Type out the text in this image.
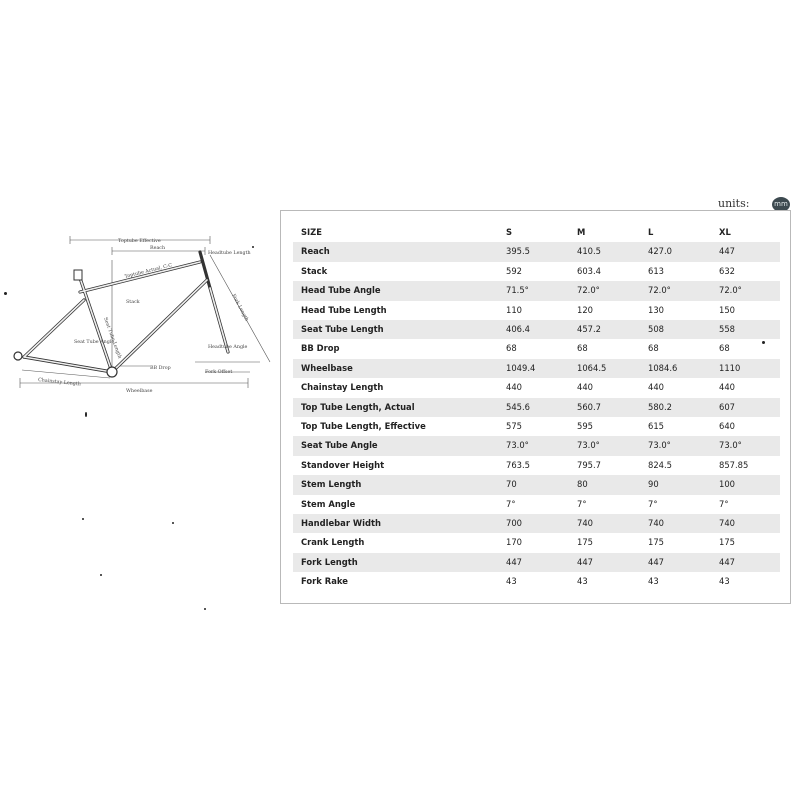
units:	mm
Toptube Effective
Reach
Headtube Length
Toptube Actual, C-C
Stack	Fork Length
Seat Tube Length
Seat Tube Angle
Headtube Angle
BB Drop
Fork Offset
Chainstay Length
Wheelbase
SIZE	S	M	L	XL
Reach	395.5	410.5	427.0	447
Stack	592	603.4	613	632
Head Tube Angle	71.5°	72.0°	72.0°	72.0°
Head Tube Length	110	120	130	150
Seat Tube Length	406.4	457.2	508	558
BB Drop	68	68	68	68
Wheelbase	1049.4	1064.5	1084.6	1110
Chainstay Length	440	440	440	440
Top Tube Length, Actual	545.6	560.7	580.2	607
Top Tube Length, Effective	575	595	615	640
Seat Tube Angle	73.0°	73.0°	73.0°	73.0°
Standover Height	763.5	795.7	824.5	857.85
Stem Length	70	80	90	100
Stem Angle	7°	7°	7°	7°
Handlebar Width	700	740	740	740
Crank Length	170	175	175	175
Fork Length	447	447	447	447
Fork Rake	43	43	43	43
